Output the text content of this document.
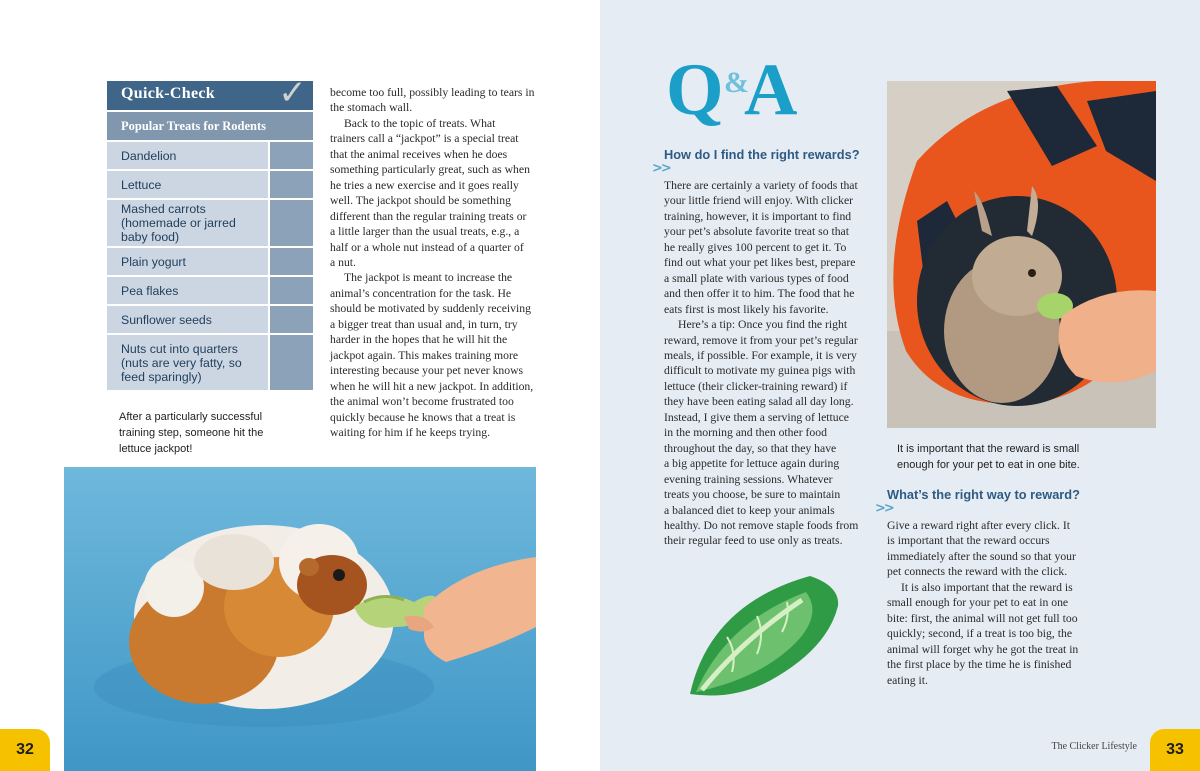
Quick-Check ✓
Popular Treats for Rodents
Dandelion
Lettuce
Mashed carrots
(homemade or jarred
baby food)
Plain yogurt
Pea flakes
Sunflower seeds
Nuts cut into quarters
(nuts are very fatty, so
feed sparingly)
After a particularly successful
training step, someone hit the
lettuce jackpot!
become too full, possibly leading to tears in
the stomach wall.
Back to the topic of treats. What
trainers call a “jackpot” is a special treat
that the animal receives when he does
something particularly great, such as when
he tries a new exercise and it goes really
well. The jackpot should be something
different than the regular training treats or
a little larger than the usual treats, e.g., a
half or a whole nut instead of a quarter of
a nut.
The jackpot is meant to increase the
animal’s concentration for the task. He
should be motivated by suddenly receiving
a bigger treat than usual and, in turn, try
harder in the hopes that he will hit the
jackpot again. This makes training more
interesting because your pet never knows
when he will hit a new jackpot. In addition,
the animal won’t become frustrated too
quickly because he knows that a treat is
waiting for him if he keeps trying.
32
Q &
A
How do I find the right rewards?
>>
There are certainly a variety of foods that
your little friend will enjoy. With clicker
training, however, it is important to find
your pet’s absolute favorite treat so that
he really gives 100 percent to get it. To
find out what your pet likes best, prepare
a small plate with various types of food
and then offer it to him. The food that he
eats first is most likely his favorite.
Here’s a tip: Once you find the right
reward, remove it from your pet’s regular
meals, if possible. For example, it is very
difficult to motivate my guinea pigs with
lettuce (their clicker-training reward) if
they have been eating salad all day long.
Instead, I give them a serving of lettuce
in the morning and then other food
throughout the day, so that they have
a big appetite for lettuce again during
evening training sessions. Whatever
treats you choose, be sure to maintain
a balanced diet to keep your animals
healthy. Do not remove staple foods from
their regular feed to use only as treats.
It is important that the reward is small
enough for your pet to eat in one bite.
What’s the right way to reward?
>>
Give a reward right after every click. It
is important that the reward occurs
immediately after the sound so that your
pet connects the reward with the click.
It is also important that the reward is
small enough for your pet to eat in one
bite: first, the animal will not get full too
quickly; second, if a treat is too big, the
animal will forget why he got the treat in
the first place by the time he is finished
eating it.
The Clicker Lifestyle	33
